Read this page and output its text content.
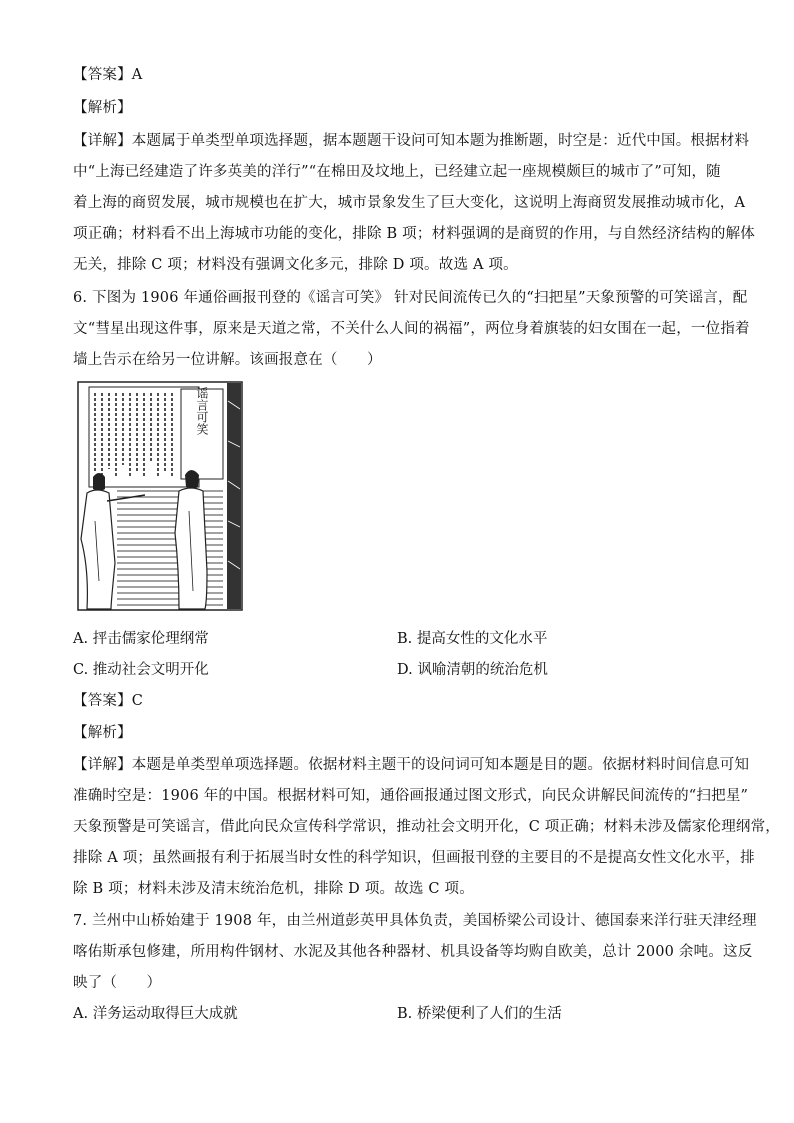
【答案】A
【解析】
【详解】本题属于单类型单项选择题，据本题题干设问可知本题为推断题，时空是：近代中国。根据材料
中“上海已经建造了许多英美的洋行”“在棉田及坟地上，已经建立起一座规模颇巨的城市了”可知，随
着上海的商贸发展，城市规模也在扩大，城市景象发生了巨大变化，这说明上海商贸发展推动城市化，A
项正确；材料看不出上海城市功能的变化，排除 B 项；材料强调的是商贸的作用，与自然经济结构的解体
无关，排除 C 项；材料没有强调文化多元，排除 D 项。故选 A 项。
6. 下图为 1906 年通俗画报刊登的《谣言可笑》 针对民间流传已久的“扫把星”天象预警的可笑谣言，配
文“彗星出现这件事，原来是天道之常，不关什么人间的祸福”，两位身着旗装的妇女围在一起，一位指着
墙上告示在给另一位讲解。该画报意在（　　）
谣言可笑
A. 抨击儒家伦理纲常	B. 提高女性的文化水平
C. 推动社会文明开化	D. 讽喻清朝的统治危机
【答案】C
【解析】
【详解】本题是单类型单项选择题。依据材料主题干的设问词可知本题是目的题。依据材料时间信息可知
准确时空是：1906 年的中国。根据材料可知，通俗画报通过图文形式，向民众讲解民间流传的“扫把星”
天象预警是可笑谣言，借此向民众宣传科学常识，推动社会文明开化，C 项正确；材料未涉及儒家伦理纲常，
排除 A 项；虽然画报有利于拓展当时女性的科学知识，但画报刊登的主要目的不是提高女性文化水平，排
除 B 项；材料未涉及清末统治危机，排除 D 项。故选 C 项。
7. 兰州中山桥始建于 1908 年，由兰州道彭英甲具体负责，美国桥梁公司设计、德国泰来洋行驻天津经理
喀佑斯承包修建，所用构件钢材、水泥及其他各种器材、机具设备等均购自欧美，总计 2000 余吨。这反
映了（　　）
A. 洋务运动取得巨大成就	B. 桥梁便利了人们的生活
